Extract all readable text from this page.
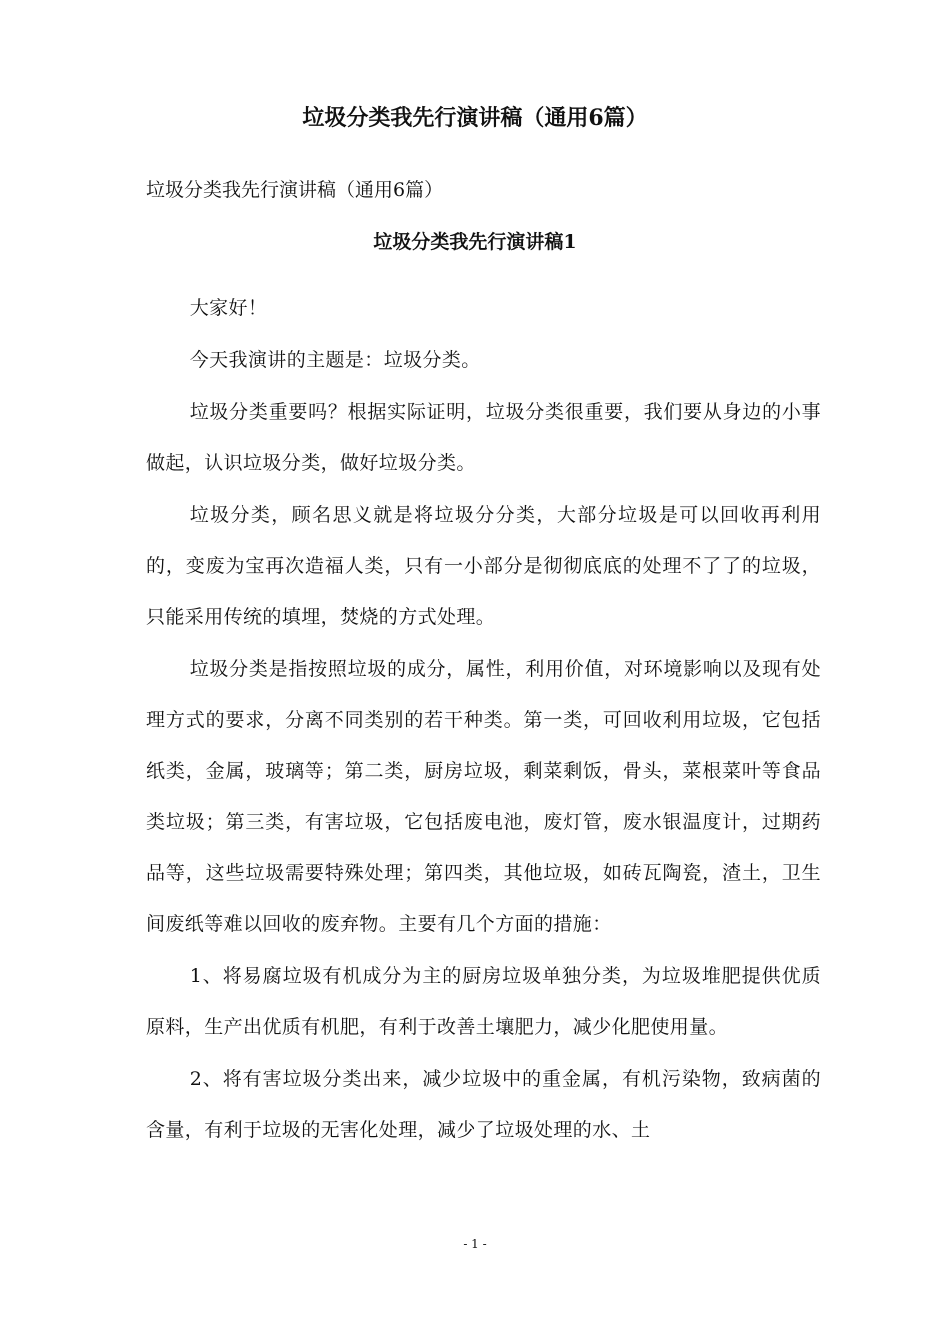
垃圾分类我先行演讲稿（通用6篇）

垃圾分类我先行演讲稿（通用6篇）

垃圾分类我先行演讲稿1

大家好！

今天我演讲的主题是：垃圾分类。

垃圾分类重要吗？根据实际证明，垃圾分类很重要，我们要从身边的小事做起，认识垃圾分类，做好垃圾分类。

垃圾分类，顾名思义就是将垃圾分分类，大部分垃圾是可以回收再利用的，变废为宝再次造福人类，只有一小部分是彻彻底底的处理不了了的垃圾，只能采用传统的填埋，焚烧的方式处理。

垃圾分类是指按照垃圾的成分，属性，利用价值，对环境影响以及现有处理方式的要求，分离不同类别的若干种类。第一类，可回收利用垃圾，它包括纸类，金属，玻璃等；第二类，厨房垃圾，剩菜剩饭，骨头，菜根菜叶等食品类垃圾；第三类，有害垃圾，它包括废电池，废灯管，废水银温度计，过期药品等，这些垃圾需要特殊处理；第四类，其他垃圾，如砖瓦陶瓷，渣土，卫生间废纸等难以回收的废弃物。主要有几个方面的措施：

1、将易腐垃圾有机成分为主的厨房垃圾单独分类，为垃圾堆肥提供优质原料，生产出优质有机肥，有利于改善土壤肥力，减少化肥使用量。

2、将有害垃圾分类出来，减少垃圾中的重金属，有机污染物，致病菌的含量，有利于垃圾的无害化处理，减少了垃圾处理的水、土

- 1 -
